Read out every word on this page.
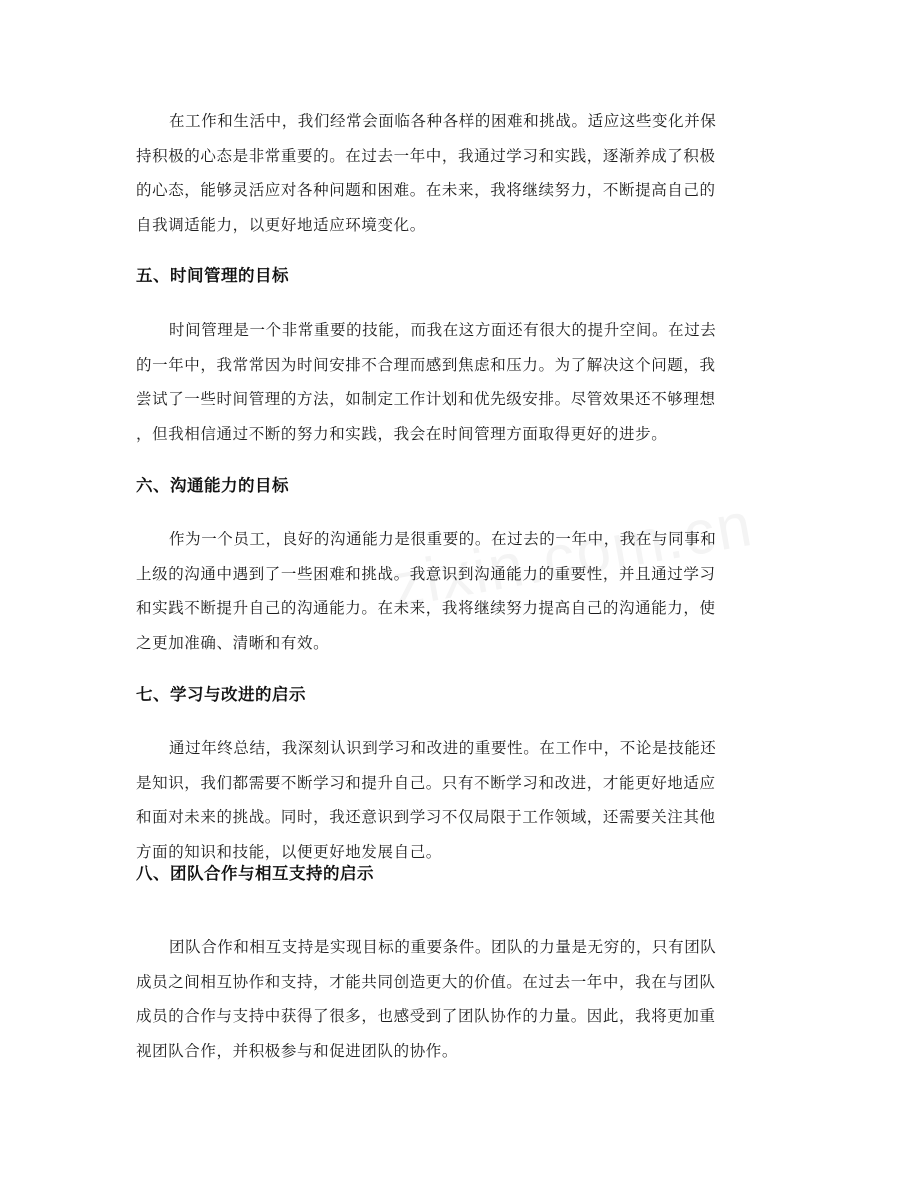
在工作和生活中，我们经常会面临各种各样的困难和挑战。适应这些变化并保
持积极的心态是非常重要的。在过去一年中，我通过学习和实践，逐渐养成了积极
的心态，能够灵活应对各种问题和困难。在未来，我将继续努力，不断提高自己的
自我调适能力，以更好地适应环境变化。

五、时间管理的目标

时间管理是一个非常重要的技能，而我在这方面还有很大的提升空间。在过去
的一年中，我常常因为时间安排不合理而感到焦虑和压力。为了解决这个问题，我
尝试了一些时间管理的方法，如制定工作计划和优先级安排。尽管效果还不够理想
，但我相信通过不断的努力和实践，我会在时间管理方面取得更好的进步。

六、沟通能力的目标

作为一个员工，良好的沟通能力是很重要的。在过去的一年中，我在与同事和
上级的沟通中遇到了一些困难和挑战。我意识到沟通能力的重要性，并且通过学习
和实践不断提升自己的沟通能力。在未来，我将继续努力提高自己的沟通能力，使
之更加准确、清晰和有效。

七、学习与改进的启示

通过年终总结，我深刻认识到学习和改进的重要性。在工作中，不论是技能还
是知识，我们都需要不断学习和提升自己。只有不断学习和改进，才能更好地适应
和面对未来的挑战。同时，我还意识到学习不仅局限于工作领域，还需要关注其他
方面的知识和技能，以便更好地发展自己。

八、团队合作与相互支持的启示

团队合作和相互支持是实现目标的重要条件。团队的力量是无穷的，只有团队
成员之间相互协作和支持，才能共同创造更大的价值。在过去一年中，我在与团队
成员的合作与支持中获得了很多，也感受到了团队协作的力量。因此，我将更加重
视团队合作，并积极参与和促进团队的协作。
